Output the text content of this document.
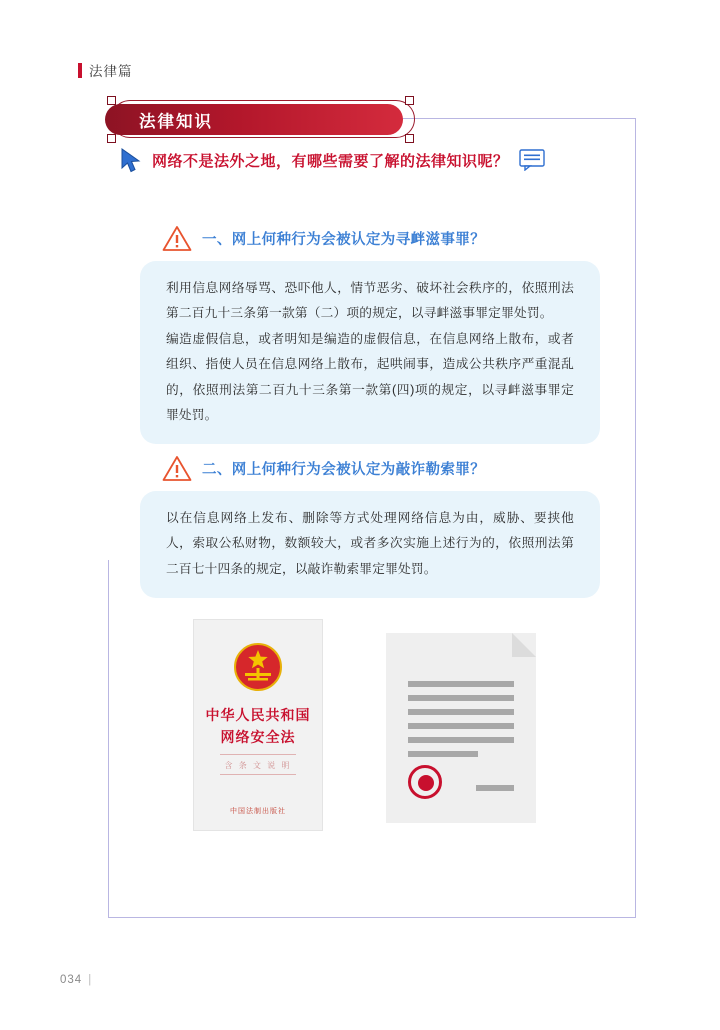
法律篇
法律知识
网络不是法外之地，有哪些需要了解的法律知识呢？
一、网上何种行为会被认定为寻衅滋事罪？

利用信息网络辱骂、恐吓他人，情节恶劣、破坏社会秩序的，依照刑法第二百九十三条第一款第（二）项的规定，以寻衅滋事罪定罪处罚。

编造虚假信息，或者明知是编造的虚假信息，在信息网络上散布，或者组织、指使人员在信息网络上散布，起哄闹事，造成公共秩序严重混乱的，依照刑法第二百九十三条第一款第(四)项的规定，以寻衅滋事罪定罪处罚。

二、网上何种行为会被认定为敲诈勒索罪？

以在信息网络上发布、删除等方式处理网络信息为由，威胁、要挟他人，索取公私财物，数额较大，或者多次实施上述行为的，依照刑法第二百七十四条的规定，以敲诈勒索罪定罪处罚。

中华人民共和国
网络安全法
含 条 文 说 明
中国法制出版社
034 |
